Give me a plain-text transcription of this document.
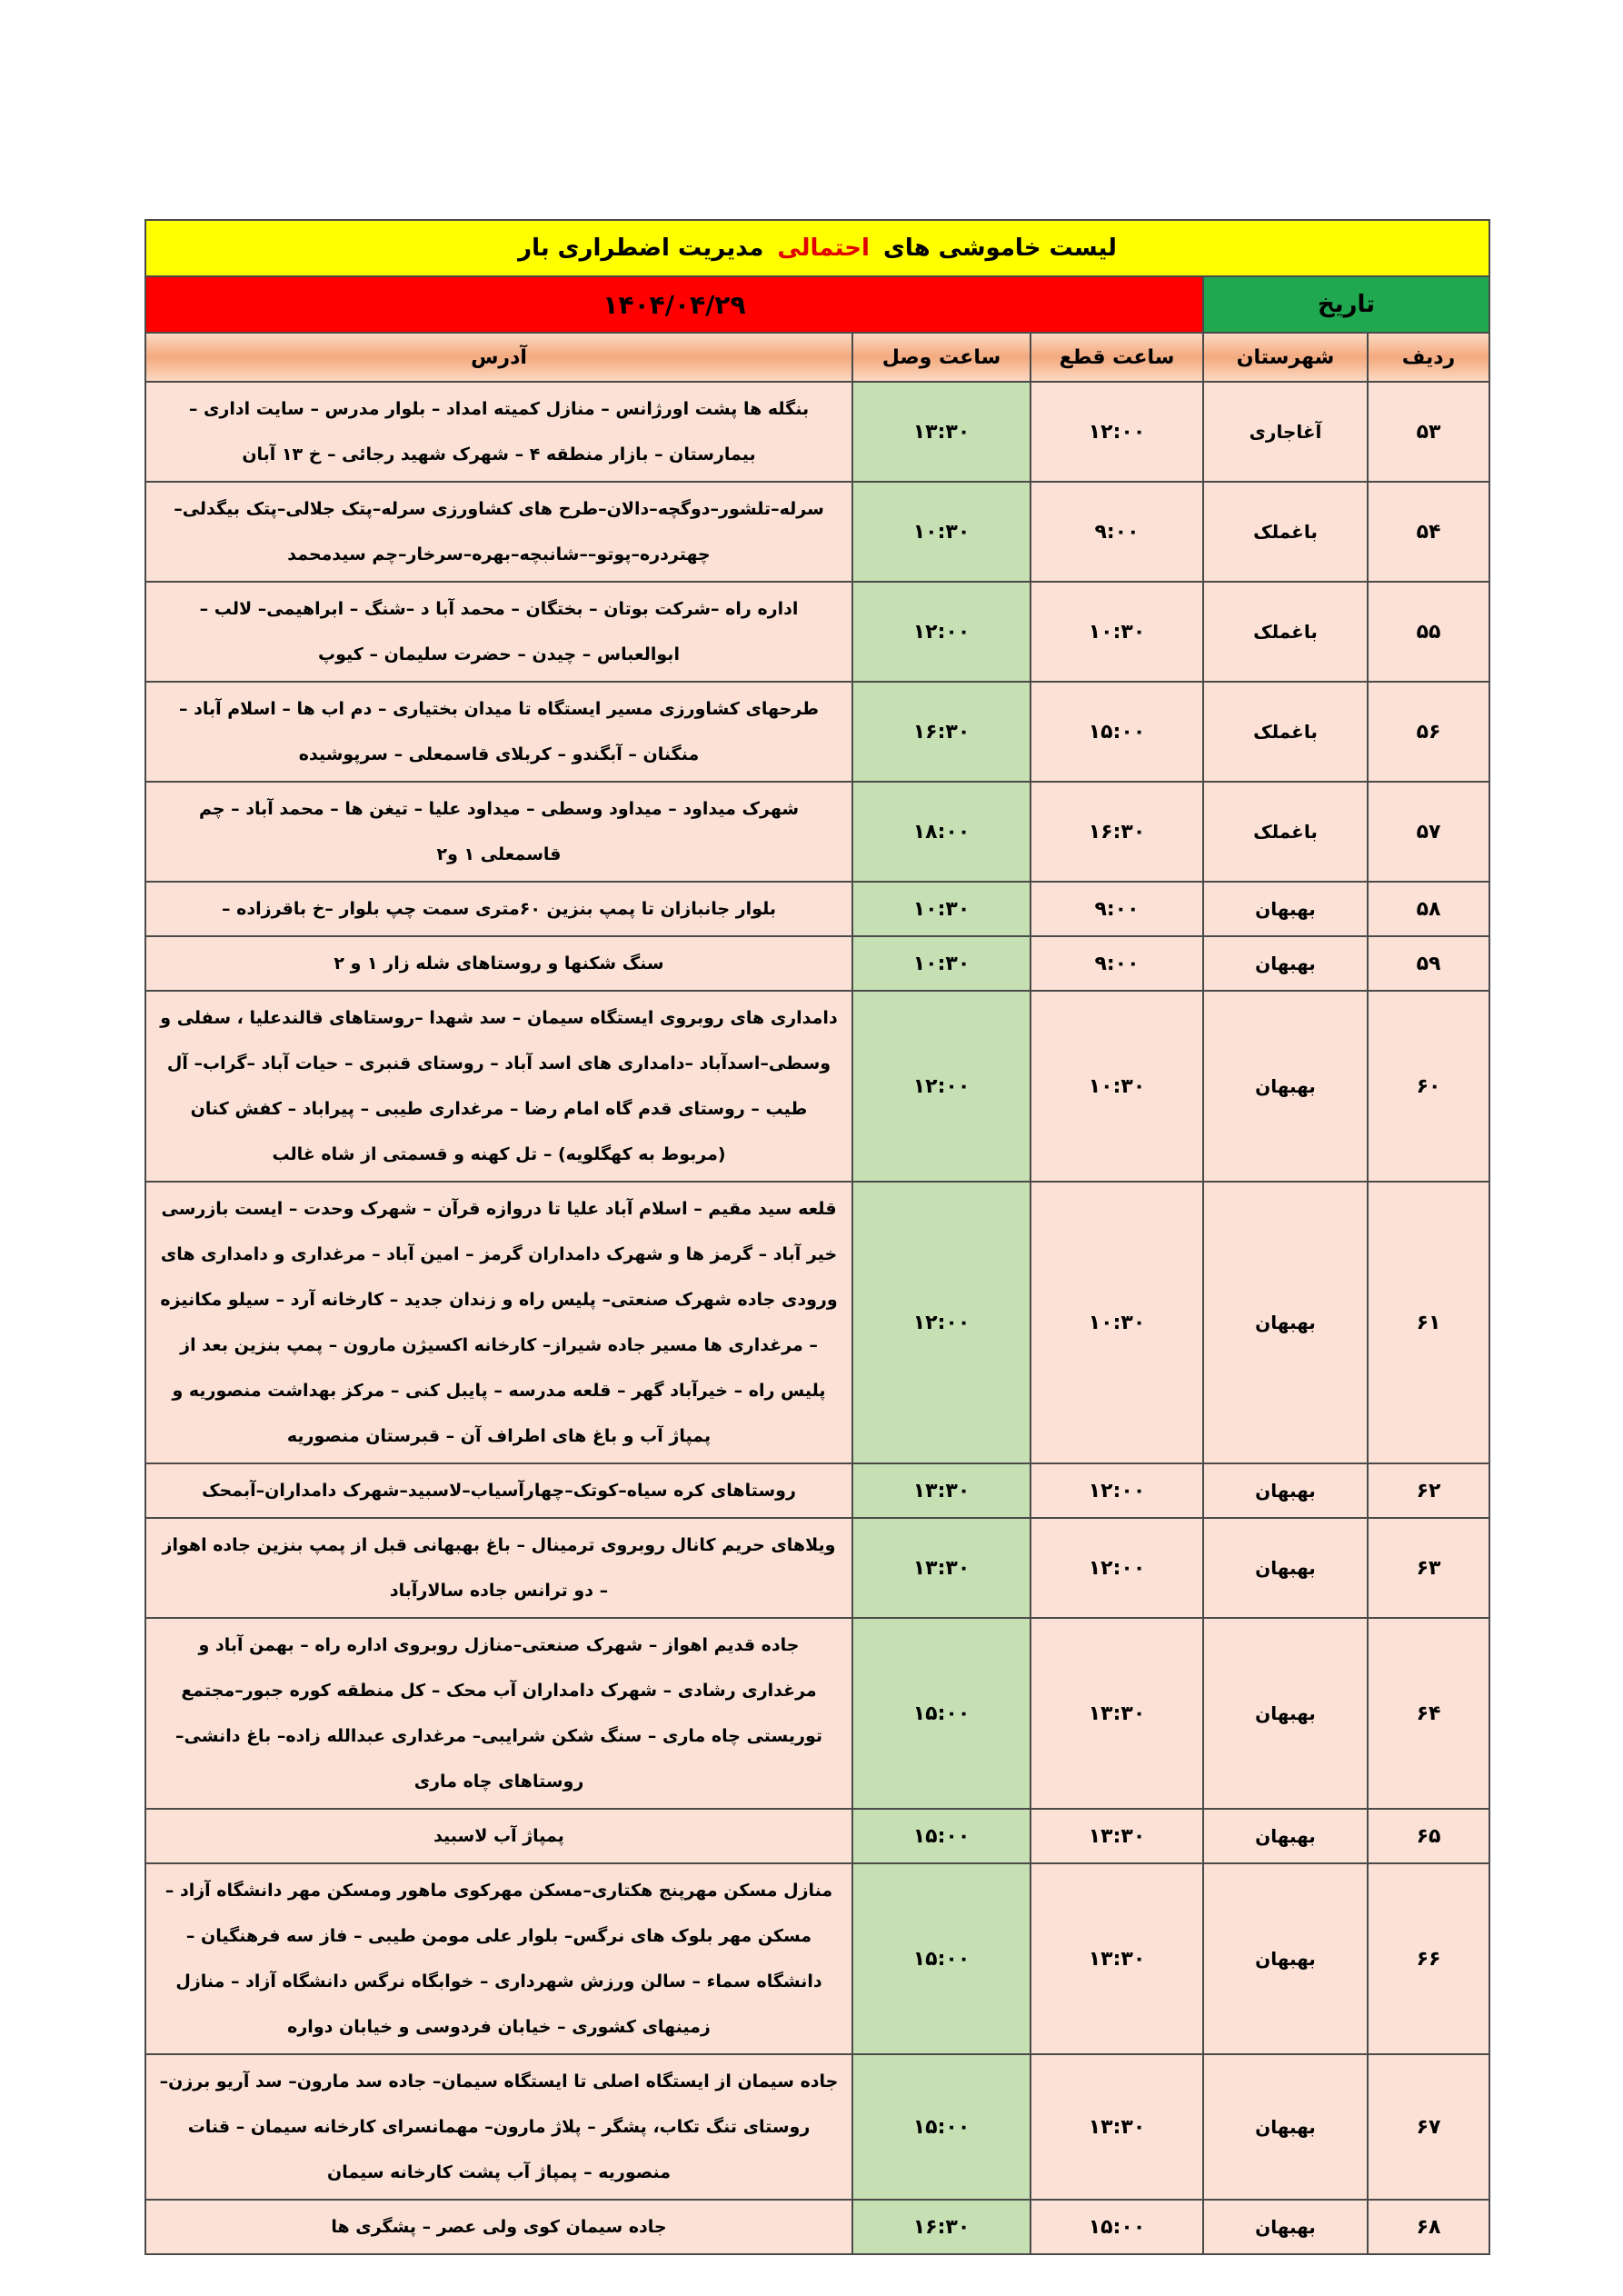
لیست خاموشی های احتمالی مدیریت اضطراری بار				
تاریخ		۱۴۰۴/۰۴/۲۹		
ردیف	شهرستان	ساعت قطع	ساعت وصل	آدرس
۵۳	آغاجاری	۱۲:۰۰	۱۳:۳۰	بنگله ها پشت اورژانس – منازل کمیته امداد – بلوار مدرس – سایت اداری – بیمارستان – بازار منطقه ۴ – شهرک شهید رجائی – خ ۱۳ آبان
۵۴	باغملک	۹:۰۰	۱۰:۳۰	سرله–تلشور–دوگچه–دالان–طرح های کشاورزی سرله–پتک جلالی–پتک بیگدلی–چهتردره–پوتو––شانبچه–بهره–سرخار–چم سیدمحمد
۵۵	باغملک	۱۰:۳۰	۱۲:۰۰	اداره راه –شرکت بوتان – بختگان – محمد آبا د –شنگ – ابراهیمی– لالب – ابوالعباس – چیدن – حضرت سلیمان – کیوپ
۵۶	باغملک	۱۵:۰۰	۱۶:۳۰	طرحهای کشاورزی مسیر ایستگاه تا میدان بختیاری – دم اب ها – اسلام آباد – منگنان – آبگندو – کربلای قاسمعلی – سرپوشیده
۵۷	باغملک	۱۶:۳۰	۱۸:۰۰	شهرک میداود – میداود وسطی – میداود علیا – تیغن ها – محمد آباد – چم قاسمعلی ۱ و۲
۵۸	بهبهان	۹:۰۰	۱۰:۳۰	بلوار جانبازان تا پمپ بنزین ۶۰متری سمت چپ بلوار –خ باقرزاده –
۵۹	بهبهان	۹:۰۰	۱۰:۳۰	سنگ شکنها و روستاهای شله زار ۱ و ۲
۶۰	بهبهان	۱۰:۳۰	۱۲:۰۰	دامداری های روبروی ایستگاه سیمان – سد شهدا –روستاهای قالندعلیا ، سفلی و وسطی–اسدآباد –دامداری های اسد آباد – روستای قنبری – حیات آباد –گراب– آل طیب – روستای قدم گاه امام رضا – مرغداری طیبی – پیراباد – کفش کنان (مربوط به کهگلویه) – تل کهنه و قسمتی از شاه غالب
۶۱	بهبهان	۱۰:۳۰	۱۲:۰۰	قلعه سید مقیم – اسلام آباد علیا تا دروازه قرآن – شهرک وحدت – ایست بازرسی خیر آباد – گرمز ها و شهرک دامداران گرمز – امین آباد – مرغداری و دامداری های ورودی جاده شهرک صنعتی– پلیس راه و زندان جدید – کارخانه آرد – سیلو مکانیزه – مرغداری ها مسیر جاده شیراز– کارخانه اکسیژن مارون – پمپ بنزین بعد از پلیس راه – خیرآباد گهر – قلعه مدرسه – پایبل کنی – مرکز بهداشت منصوریه و پمپاژ آب و باغ های اطراف آن – قبرستان منصوریه
۶۲	بهبهان	۱۲:۰۰	۱۳:۳۰	روستاهای کره سیاه–کوتک–چهارآسیاب–لاسبید–شهرک دامداران–آبمحک
۶۳	بهبهان	۱۲:۰۰	۱۳:۳۰	ویلاهای حریم کانال روبروی ترمینال – باغ بهبهانی قبل از پمپ بنزین جاده اهواز – دو ترانس جاده سالارآباد
۶۴	بهبهان	۱۳:۳۰	۱۵:۰۰	جاده قدیم اهواز – شهرک صنعتی–منازل روبروی اداره راه – بهمن آباد و مرغداری رشادی – شهرک دامداران آب محک – کل منطقه کوره جبور–مجتمع توریستی چاه ماری – سنگ شکن شرایبی– مرغداری عبدالله زاده– باغ دانشی– روستاهای چاه ماری
۶۵	بهبهان	۱۳:۳۰	۱۵:۰۰	پمپاژ آب لاسبید
۶۶	بهبهان	۱۳:۳۰	۱۵:۰۰	منازل مسکن مهرپنج هکتاری–مسکن مهرکوی ماهور ومسکن مهر دانشگاه آزاد – مسکن مهر بلوک های نرگس– بلوار علی مومن طیبی – فاز سه فرهنگیان – دانشگاه سماء – سالن ورزش شهرداری – خوابگاه نرگس دانشگاه آزاد – منازل زمینهای کشوری – خیابان فردوسی و خیابان دواره
۶۷	بهبهان	۱۳:۳۰	۱۵:۰۰	جاده سیمان از ایستگاه اصلی تا ایستگاه سیمان– جاده سد مارون– سد آریو برزن– روستای تنگ تکاب، پشگر – پلاژ مارون– مهمانسرای کارخانه سیمان – قنات منصوریه – پمپاژ آب پشت کارخانه سیمان
۶۸	بهبهان	۱۵:۰۰	۱۶:۳۰	جاده سیمان کوی ولی عصر – پشگری ها
